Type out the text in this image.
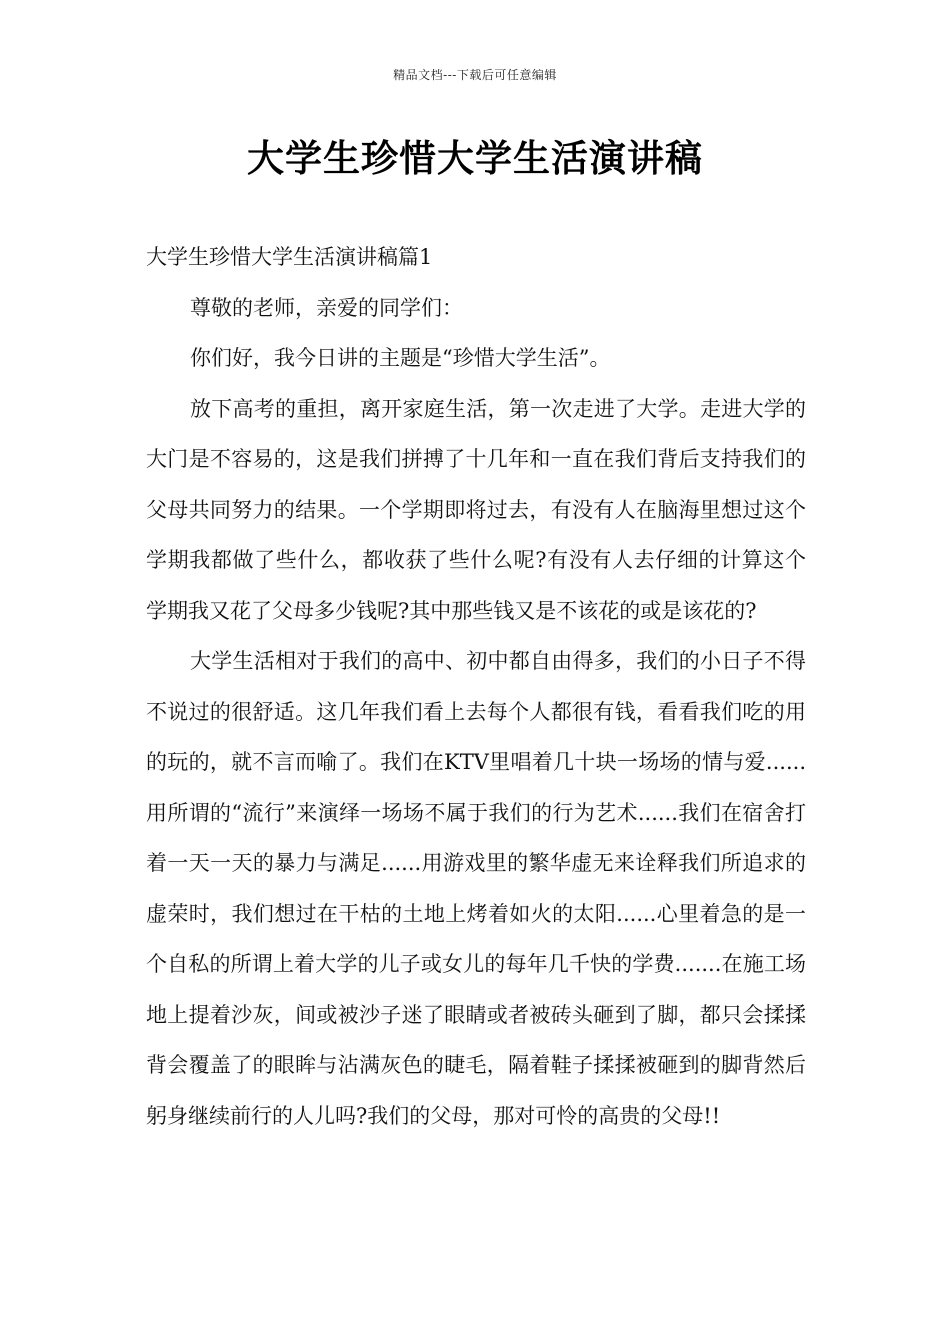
精品文档---下载后可任意编辑
大学生珍惜大学生活演讲稿

大学生珍惜大学生活演讲稿篇1

尊敬的老师，亲爱的同学们：

你们好，我今日讲的主题是“珍惜大学生活”。

放下高考的重担，离开家庭生活，第一次走进了大学。走进大学的大门是不容易的，这是我们拼搏了十几年和一直在我们背后支持我们的父母共同努力的结果。一个学期即将过去，有没有人在脑海里想过这个学期我都做了些什么，都收获了些什么呢?有没有人去仔细的计算这个学期我又花了父母多少钱呢?其中那些钱又是不该花的或是该花的?

大学生活相对于我们的高中、初中都自由得多，我们的小日子不得不说过的很舒适。这几年我们看上去每个人都很有钱，看看我们吃的用的玩的，就不言而喻了。我们在KTV里唱着几十块一场场的情与爱......用所谓的“流行”来演绎一场场不属于我们的行为艺术......我们在宿舍打着一天一天的暴力与满足......用游戏里的繁华虚无来诠释我们所追求的虚荣时，我们想过在干枯的土地上烤着如火的太阳......心里着急的是一个自私的所谓上着大学的儿子或女儿的每年几千快的学费.......在施工场地上提着沙灰，间或被沙子迷了眼睛或者被砖头砸到了脚，都只会揉揉背会覆盖了的眼眸与沾满灰色的睫毛，隔着鞋子揉揉被砸到的脚背然后躬身继续前行的人儿吗?我们的父母，那对可怜的高贵的父母!!
